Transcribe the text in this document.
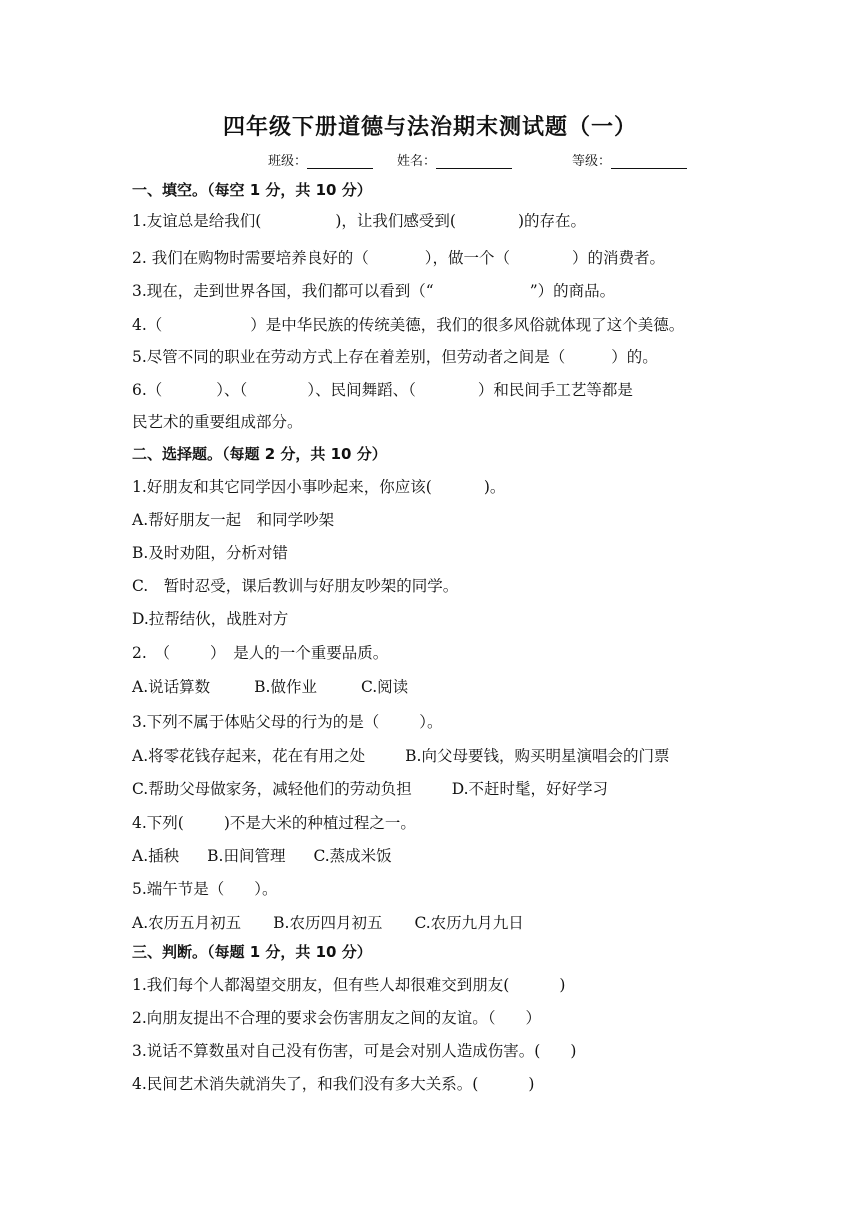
四年级下册道德与法治期末测试题（一）
班级：	姓名：	等级：
一、填空。（每空 1 分，共 10 分）
1.友谊总是给我们(	)，让我们感受到(	)的存在。
2. 我们在购物时需要培养良好的（	），做一个（	）的消费者。
3.现在，走到世界各国，我们都可以看到（“	”）的商品。
4.（	）是中华民族的传统美德，我们的很多风俗就体现了这个美德。
5.尽管不同的职业在劳动方式上存在着差别，但劳动者之间是（	）的。
6.（	）、（	）、民间舞蹈、（	）和民间手工艺等都是
民艺术的重要组成部分。
二、选择题。（每题 2 分，共 10 分）
1.好朋友和其它同学因小事吵起来，你应该(	)。
A.帮好朋友一起　和同学吵架
B.及时劝阻，分析对错
C.　暂时忍受，课后教训与好朋友吵架的同学。
D.拉帮结伙，战胜对方
2.　（	）　是人的一个重要品质。
A.说话算数	B.做作业	C.阅读
3.下列不属于体贴父母的行为的是（	）。
A.将零花钱存起来，花在有用之处	B.向父母要钱，购买明星演唱会的门票
C.帮助父母做家务，减轻他们的劳动负担	D.不赶时髦，好好学习
4.下列(	)不是大米的种植过程之一。
A.插秧 B.田间管理 C.蒸成米饭
5.端午节是（ ）。
A.农历五月初五 B.农历四月初五 C.农历九月九日
三、判断。（每题 1 分，共 10 分）
1.我们每个人都渴望交朋友，但有些人却很难交到朋友(	)
2.向朋友提出不合理的要求会伤害朋友之间的友谊。（ ）
3.说话不算数虽对自己没有伤害，可是会对别人造成伤害。( )
4.民间艺术消失就消失了，和我们没有多大关系。(	)
